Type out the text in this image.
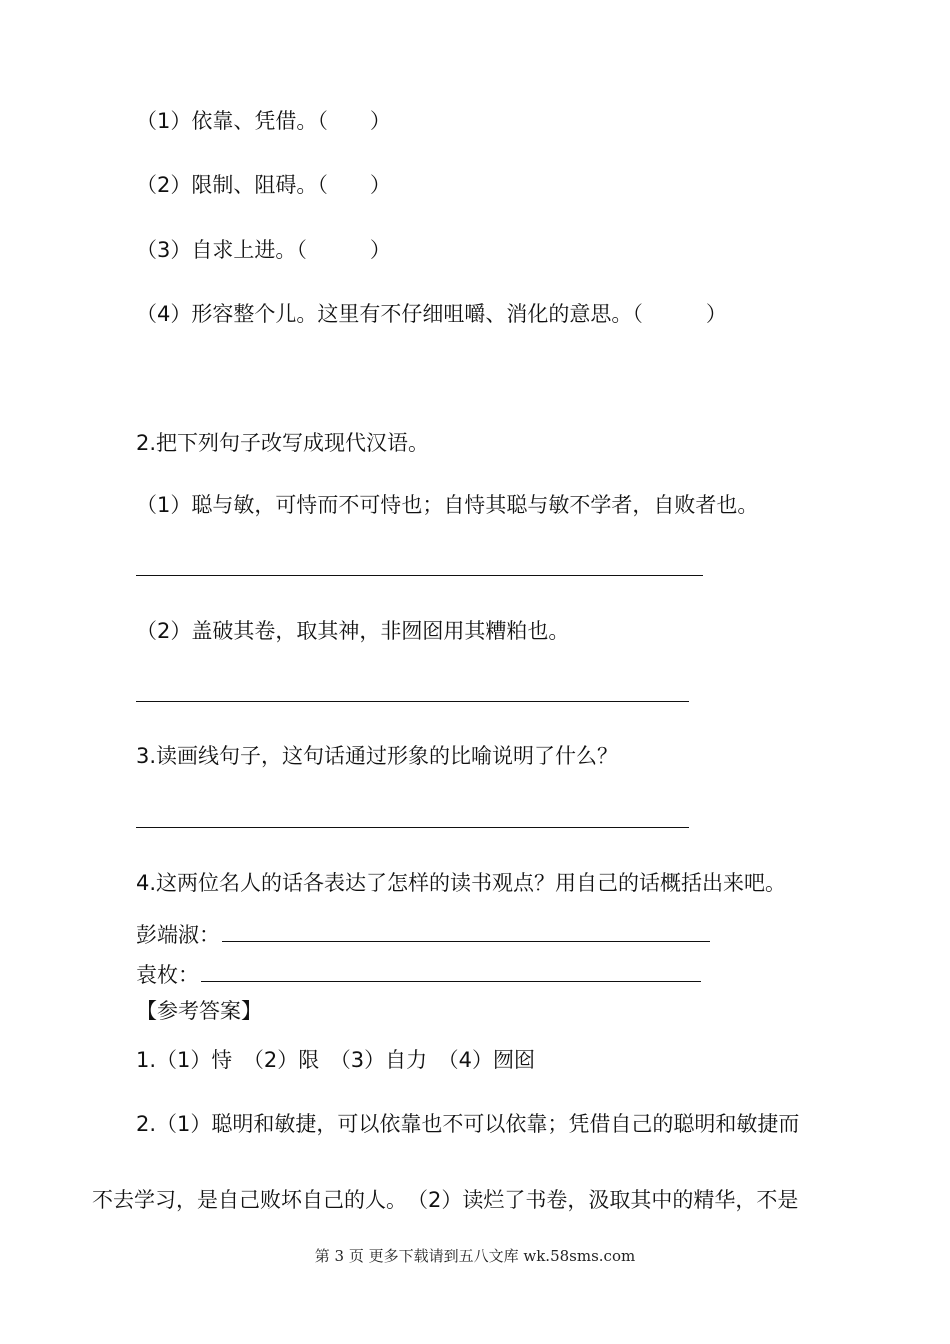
（1）依靠、凭借。（　　）
（2）限制、阻碍。（　　）
（3）自求上进。（　　　）
（4）形容整个儿。这里有不仔细咀嚼、消化的意思。（　　　）
2.把下列句子改写成现代汉语。
（1）聪与敏，可恃而不可恃也；自恃其聪与敏不学者，自败者也。
（2）盖破其卷，取其神，非囫囵用其糟粕也。
3.读画线句子，这句话通过形象的比喻说明了什么？
4.这两位名人的话各表达了怎样的读书观点？用自己的话概括出来吧。
彭端淑：
袁枚：
【参考答案】
1.（1）恃　（2）限　（3）自力　（4）囫囵
2.（1）聪明和敏捷，可以依靠也不可以依靠；凭借自己的聪明和敏捷而
不去学习，是自己败坏自己的人。　（2）读烂了书卷，汲取其中的精华，不是
第 3 页 更多下载请到五八文库 wk.58sms.com
